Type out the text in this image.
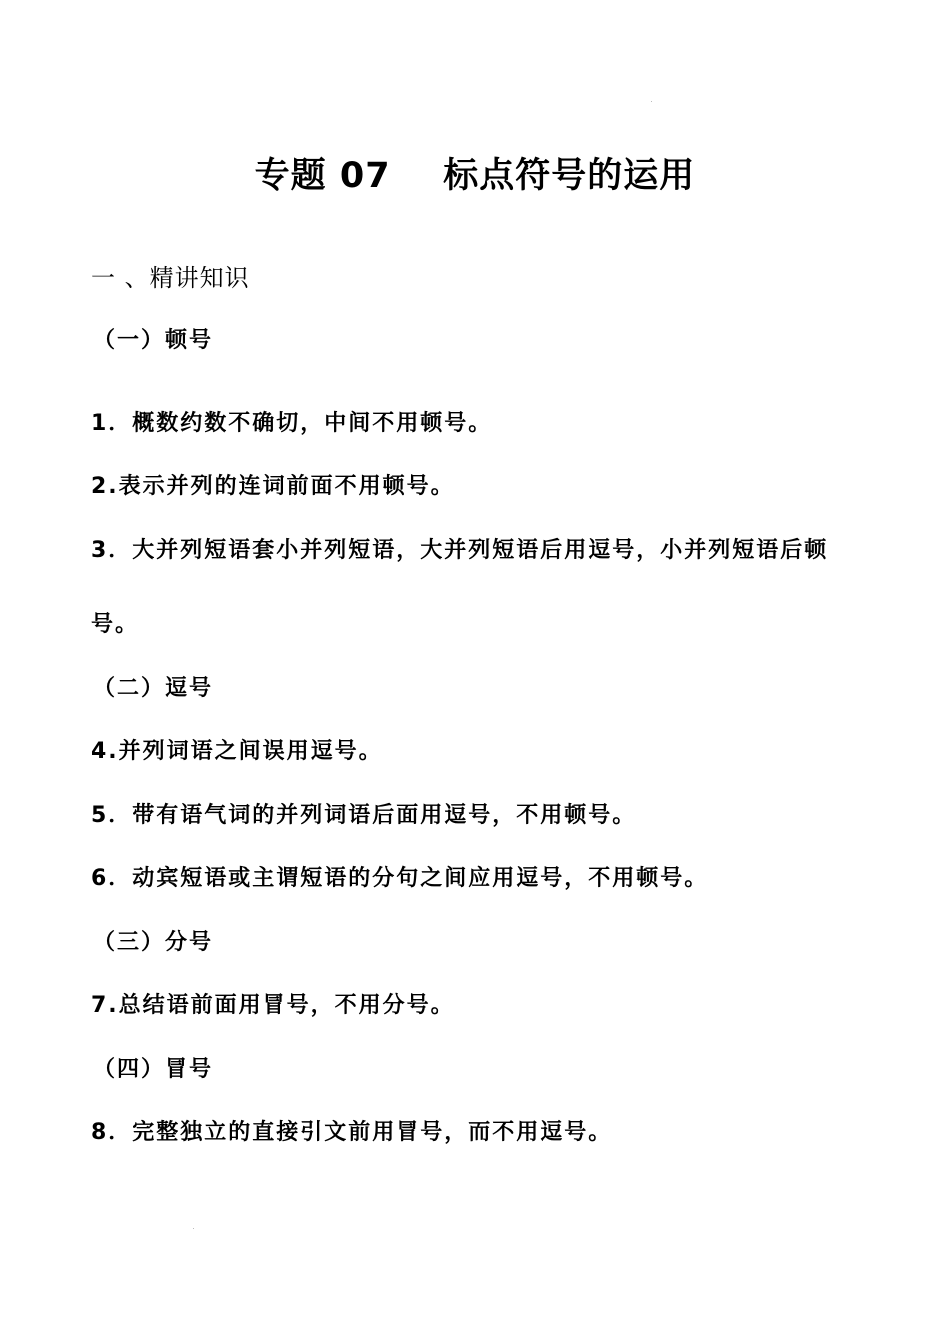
专题 07    标点符号的运用
一 、精讲知识
（一）顿号
1．概数约数不确切，中间不用顿号。
2.表示并列的连词前面不用顿号。
3．大并列短语套小并列短语，大并列短语后用逗号，小并列短语后顿
号。
（二）逗号
4.并列词语之间误用逗号。
5．带有语气词的并列词语后面用逗号，不用顿号。
6．动宾短语或主谓短语的分句之间应用逗号，不用顿号。
（三）分号
7.总结语前面用冒号，不用分号。
（四）冒号
8．完整独立的直接引文前用冒号，而不用逗号。
